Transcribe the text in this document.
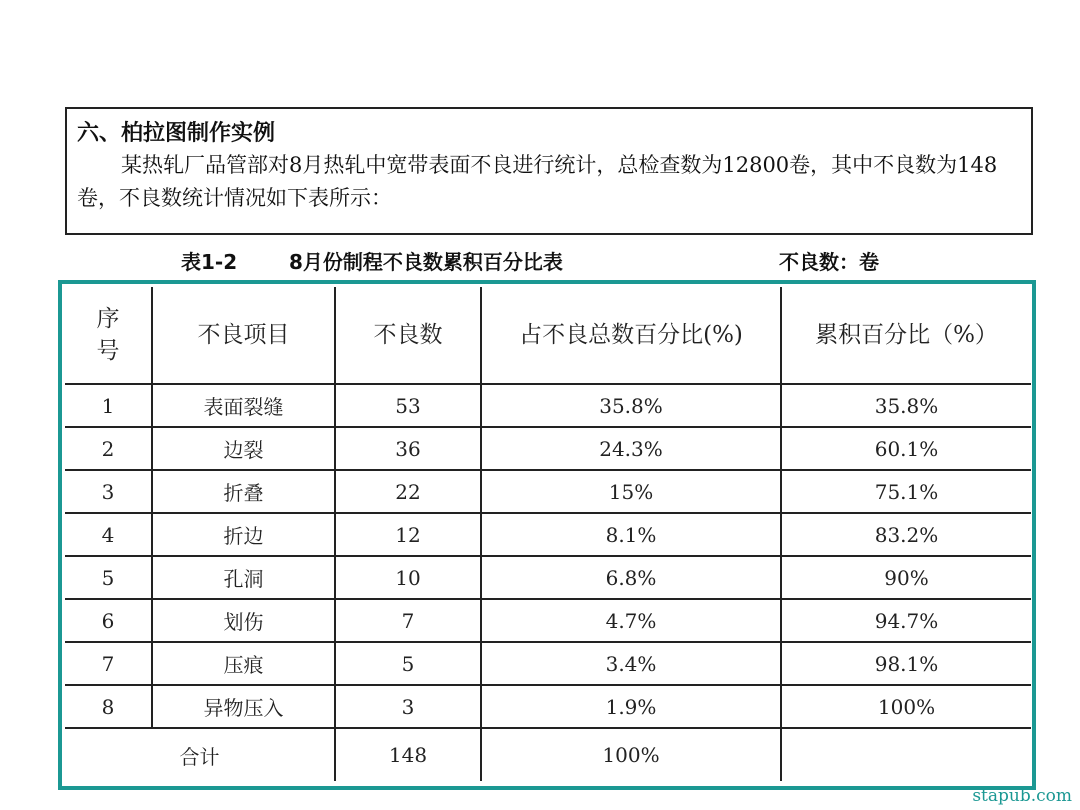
六、柏拉图制作实例

某热轧厂品管部对8月热轧中宽带表面不良进行统计，总检查数为12800卷，其中不良数为148卷，不良数统计情况如下表所示：

表1-2	8月份制程不良数累积百分比表	不良数：卷
序
号	不良项目	不良数	占不良总数百分比(%)	累积百分比（%）
1	表面裂缝	53	35.8%	35.8%
2	边裂	36	24.3%	60.1%
3	折叠	22	15%	75.1%
4	折边	12	8.1%	83.2%
5	孔洞	10	6.8%	90%
6	划伤	7	4.7%	94.7%
7	压痕	5	3.4%	98.1%
8	异物压入	3	1.9%	100%
合计		148	100%	
stapub.com
